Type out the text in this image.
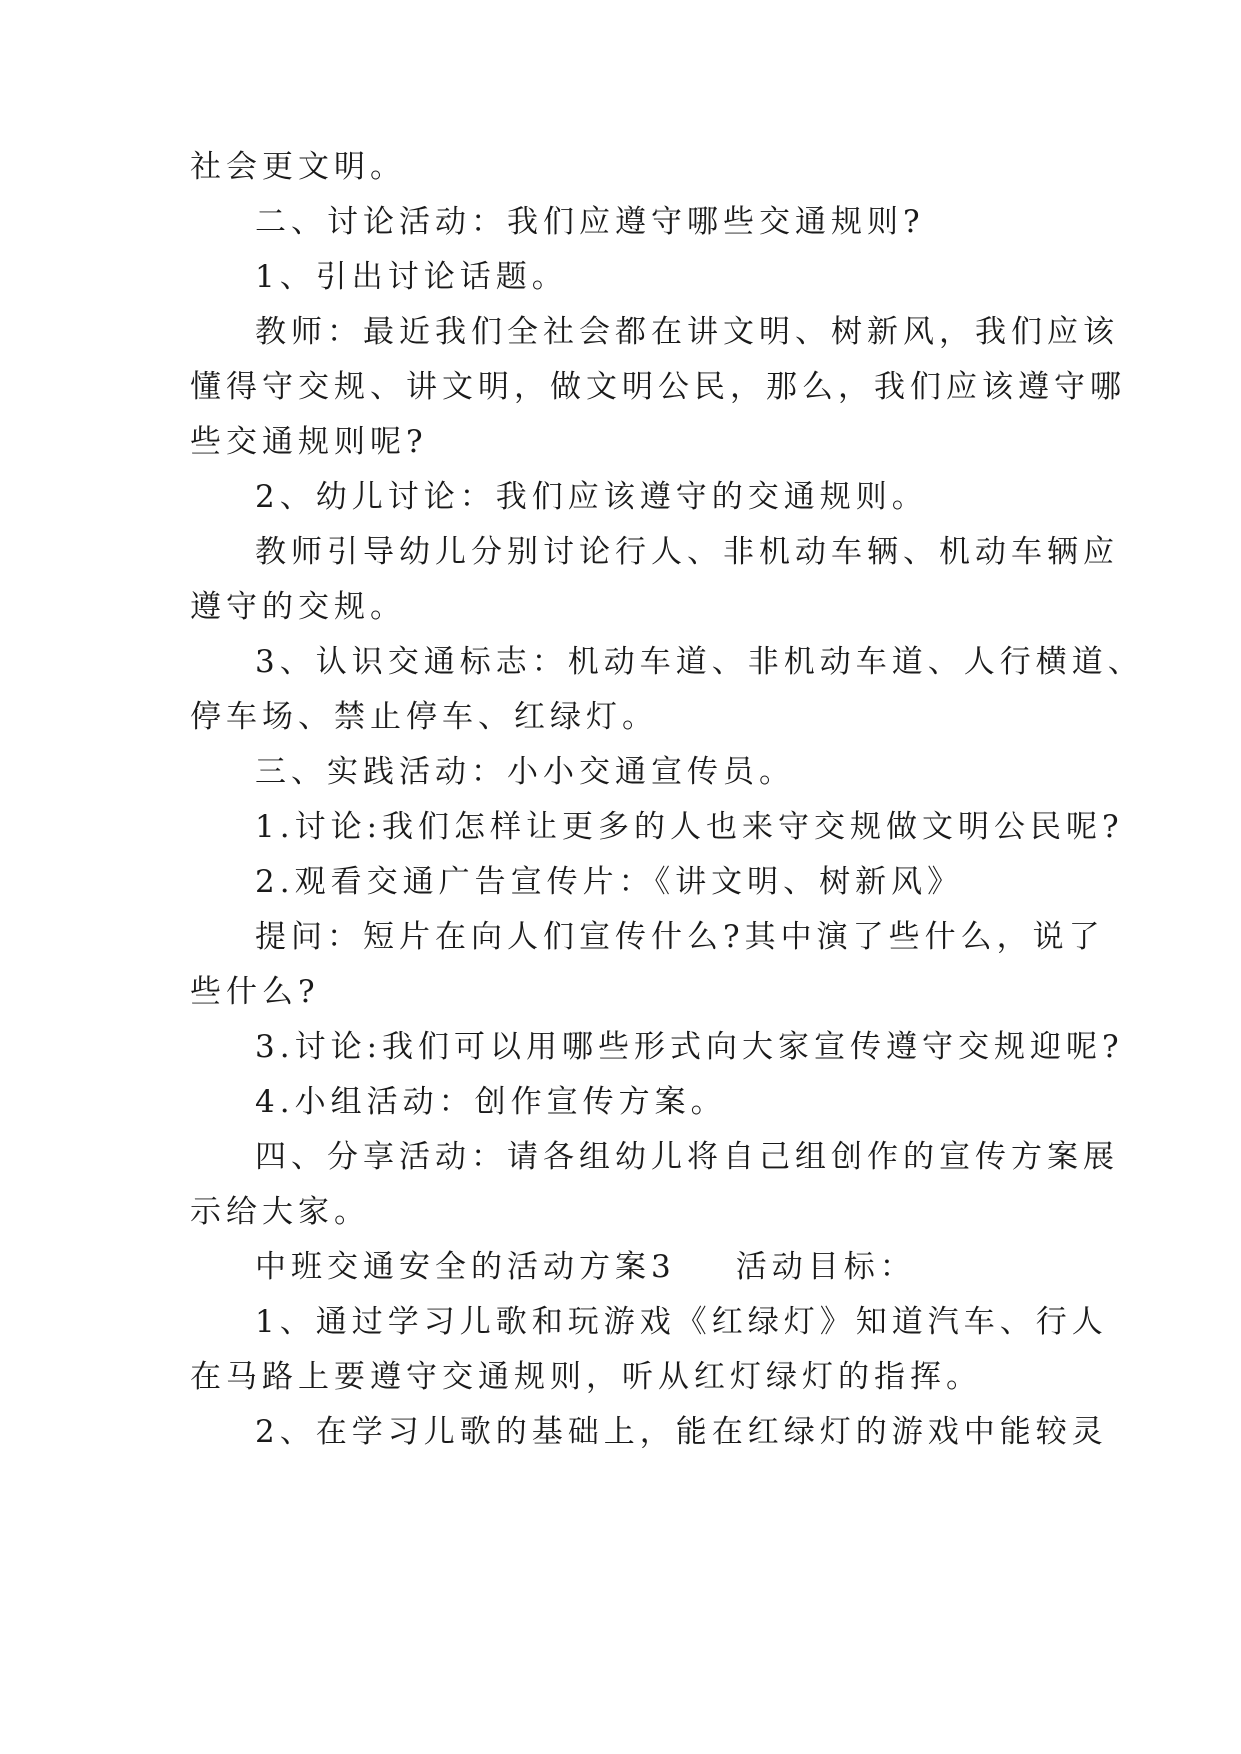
社会更文明。
二、讨论活动：我们应遵守哪些交通规则?
1、引出讨论话题。
教师：最近我们全社会都在讲文明、树新风，我们应该
懂得守交规、讲文明，做文明公民，那么，我们应该遵守哪
些交通规则呢?
2、幼儿讨论：我们应该遵守的交通规则。
教师引导幼儿分别讨论行人、非机动车辆、机动车辆应
遵守的交规。
3、认识交通标志：机动车道、非机动车道、人行横道、
停车场、禁止停车、红绿灯。
三、实践活动：小小交通宣传员。
1.讨论:我们怎样让更多的人也来守交规做文明公民呢?
2.观看交通广告宣传片：《讲文明、树新风》
提问：短片在向人们宣传什么?其中演了些什么，说了
些什么?
3.讨论:我们可以用哪些形式向大家宣传遵守交规迎呢?
4.小组活动：创作宣传方案。
四、分享活动：请各组幼儿将自己组创作的宣传方案展
示给大家。
中班交通安全的活动方案3 活动目标：
1、通过学习儿歌和玩游戏《红绿灯》知道汽车、行人
在马路上要遵守交通规则，听从红灯绿灯的指挥。
2、在学习儿歌的基础上，能在红绿灯的游戏中能较灵
